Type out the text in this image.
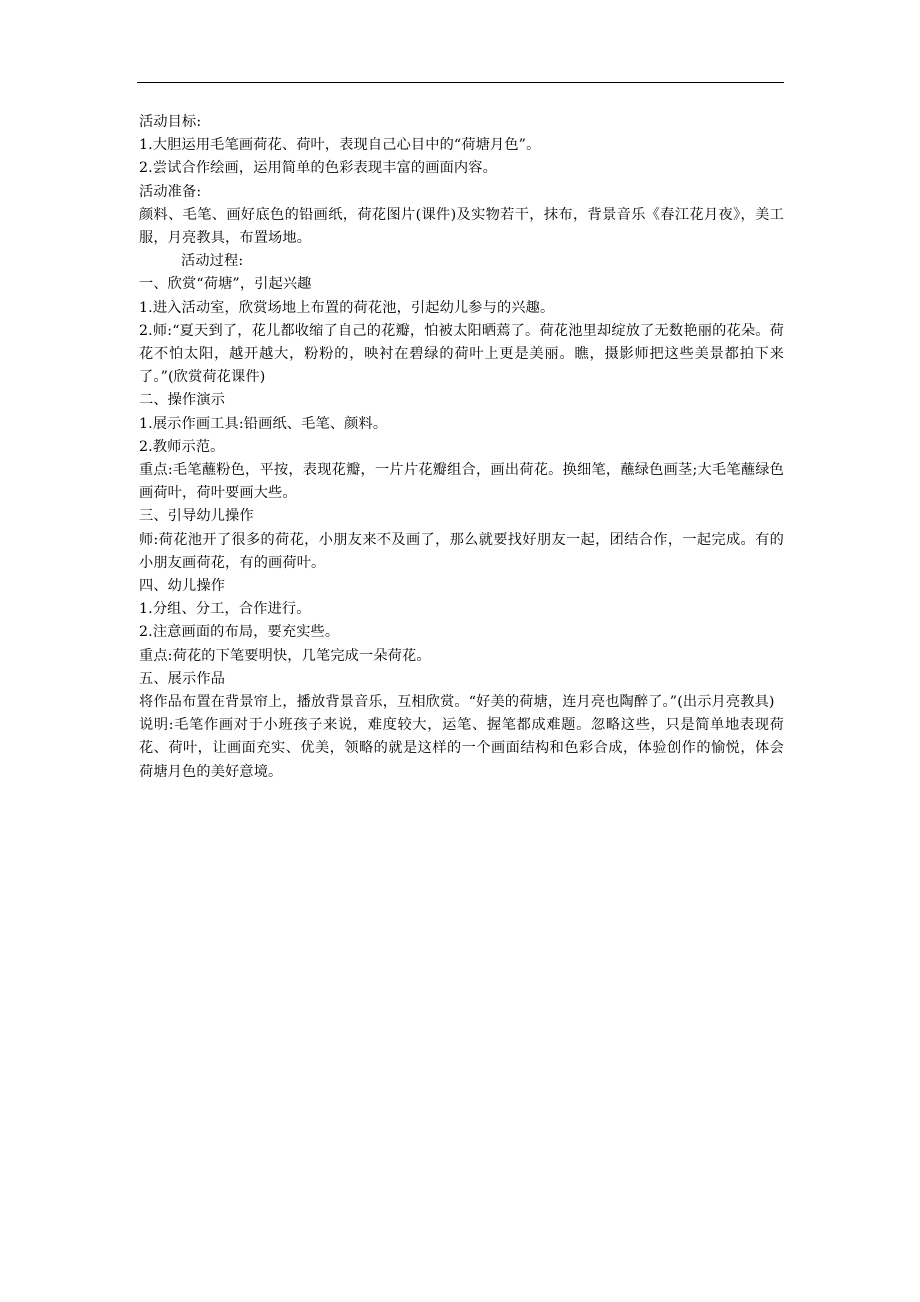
活动目标:

1.大胆运用毛笔画荷花、荷叶，表现自己心目中的“荷塘月色”。

2.尝试合作绘画，运用简单的色彩表现丰富的画面内容。

活动准备:

颜料、毛笔、画好底色的铅画纸，荷花图片(课件)及实物若干，抹布，背景音乐《春江花月夜》，美工服，月亮教具，布置场地。

活动过程:

一、欣赏“荷塘”，引起兴趣

1.进入活动室，欣赏场地上布置的荷花池，引起幼儿参与的兴趣。

2.师:“夏天到了，花儿都收缩了自己的花瓣，怕被太阳晒蔫了。荷花池里却绽放了无数艳丽的花朵。荷花不怕太阳，越开越大，粉粉的，映衬在碧绿的荷叶上更是美丽。瞧，摄影师把这些美景都拍下来了。”(欣赏荷花课件)

二、操作演示

1.展示作画工具:铅画纸、毛笔、颜料。

2.教师示范。

重点:毛笔蘸粉色，平按，表现花瓣，一片片花瓣组合，画出荷花。换细笔，蘸绿色画茎;大毛笔蘸绿色画荷叶，荷叶要画大些。

三、引导幼儿操作

师:荷花池开了很多的荷花，小朋友来不及画了，那么就要找好朋友一起，团结合作，一起完成。有的小朋友画荷花，有的画荷叶。

四、幼儿操作

1.分组、分工，合作进行。

2.注意画面的布局，要充实些。

重点:荷花的下笔要明快，几笔完成一朵荷花。

五、展示作品

将作品布置在背景帘上，播放背景音乐，互相欣赏。“好美的荷塘，连月亮也陶醉了。”(出示月亮教具)

说明:毛笔作画对于小班孩子来说，难度较大，运笔、握笔都成难题。忽略这些，只是简单地表现荷花、荷叶，让画面充实、优美，领略的就是这样的一个画面结构和色彩合成，体验创作的愉悦，体会荷塘月色的美好意境。
